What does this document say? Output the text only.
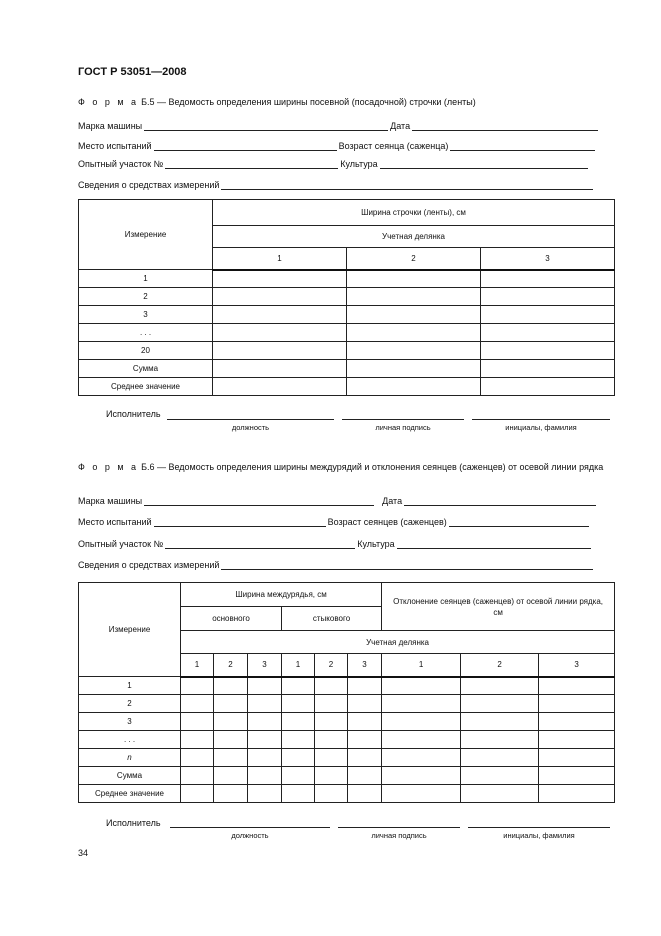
ГОСТ Р 53051—2008
Ф о р м а Б.5 — Ведомость определения ширины посевной (посадочной) строчки (ленты)
Марка машины	Дата
Место испытаний	Возраст сеянца (саженца)
Опытный участок №	Культура
Сведения о средствах измерений
Измерение	Ширина строчки (ленты), см		
	Учетная делянка		
	1	2	3
1			
2			
3			
. . .			
20			
Сумма			
Среднее значение			
Исполнитель
должность	личная подпись	инициалы, фамилия
Ф о р м а Б.6 — Ведомость определения ширины междурядий и отклонения сеянцев (саженцев) от осевой линии рядка
Марка машины	Дата
Место испытаний	Возраст сеянцев (саженцев)
Опытный участок №	Культура
Сведения о средствах измерений
Измерение	Ширина междурядья, см						Отклонение сеянцев (саженцев) от осевой линии рядка, см		
	основного			стыкового					
	Учетная делянка								
	1	2	3	1	2	3	1	2	3
1									
2									
3									
. . .									
n									
Сумма									
Среднее значение									
Исполнитель
должность	личная подпись	инициалы, фамилия
34
